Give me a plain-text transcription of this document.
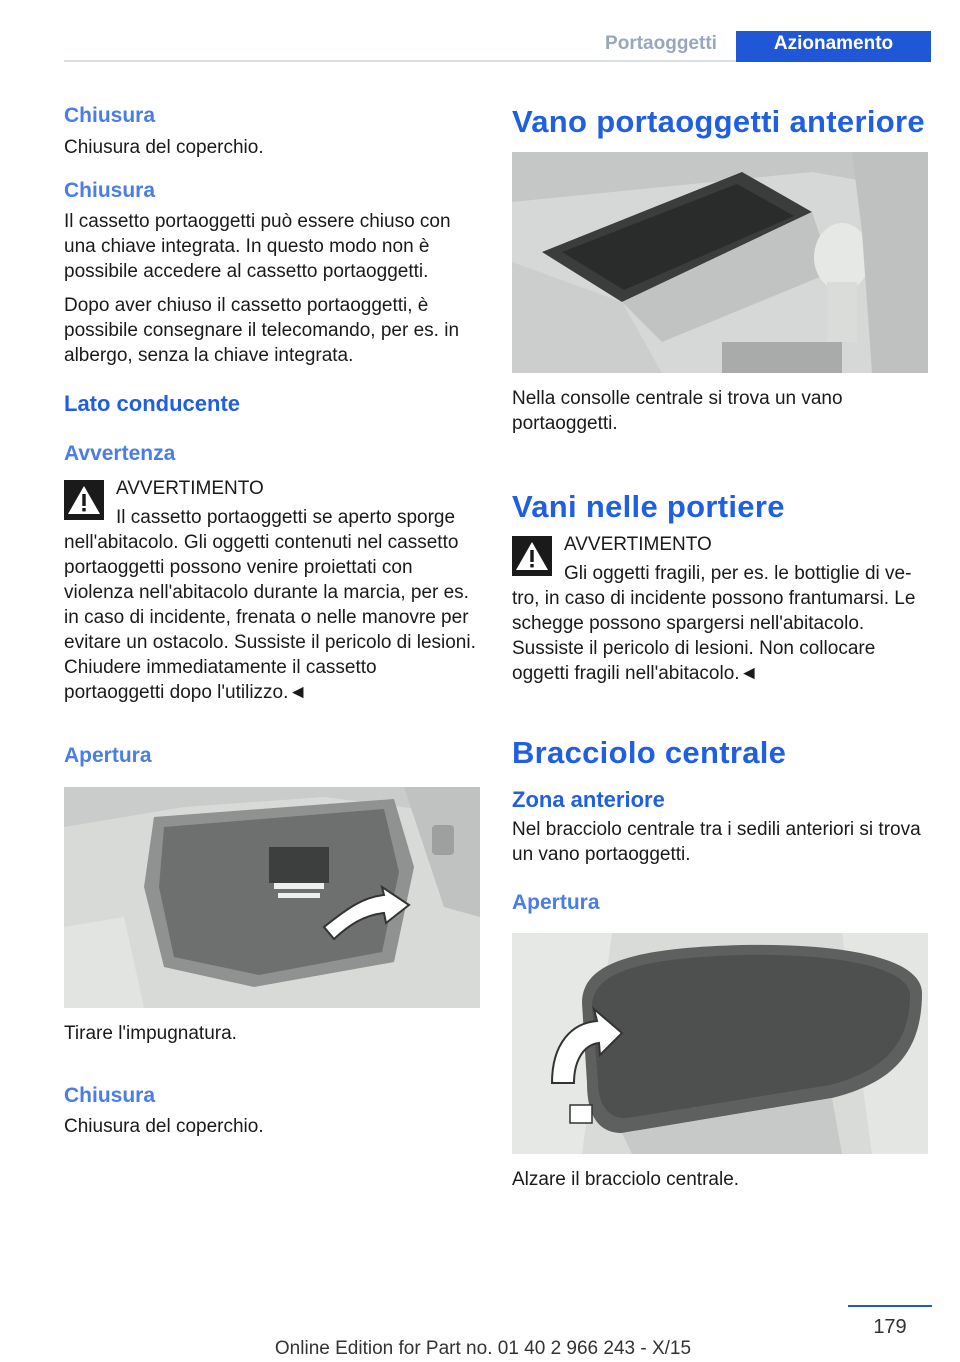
Portaoggetti	Azionamento
Chiusura

Chiusura del coperchio.

Chiusura

Il cassetto portaoggetti può essere chiuso con una chiave integrata. In questo modo non è possibile accedere al cassetto portaoggetti.

Dopo aver chiuso il cassetto portaoggetti, è possibile consegnare il telecomando, per es. in albergo, senza la chiave integrata.

Lato conducente
Avvertenza

AVVERTIMENTO

Il cassetto portaoggetti se aperto sporge

nell'abitacolo. Gli oggetti contenuti nel cassetto portaoggetti possono venire proiettati con violenza nell'abitacolo durante la marcia, per es. in caso di incidente, frenata o nelle manovre per evitare un ostacolo. Sussiste il pericolo di lesioni. Chiudere immediatamente il cassetto portaoggetti dopo l'utilizzo.◄

Apertura

Tirare l'impugnatura.

Chiusura

Chiusura del coperchio.

Vano portaoggetti anteriore

Nella consolle centrale si trova un vano portaoggetti.

Vani nelle portiere

AVVERTIMENTO

Gli oggetti fragili, per es. le bottiglie di ve-

tro, in caso di incidente possono frantumarsi. Le schegge possono spargersi nell'abitacolo. Sussiste il pericolo di lesioni. Non collocare oggetti fragili nell'abitacolo.◄

Bracciolo centrale
Zona anteriore

Nel bracciolo centrale tra i sedili anteriori si trova un vano portaoggetti.

Apertura

Alzare il bracciolo centrale.

179
Online Edition for Part no. 01 40 2 966 243 - X/15
